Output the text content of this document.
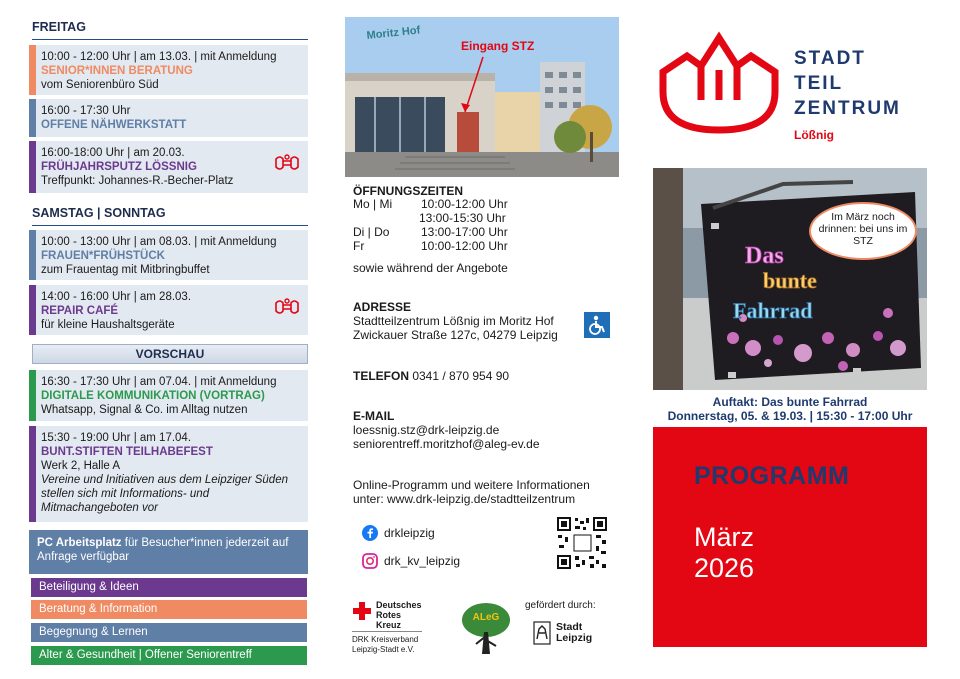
FREITAG
10:00 - 12:00 Uhr | am 13.03. | mit Anmeldung
SENIOR*INNEN BERATUNG
vom Seniorenbüro Süd
16:00 - 17:30 Uhr
OFFENE NÄHWERKSTATT
16:00-18:00 Uhr | am 20.03.
FRÜHJAHRSPUTZ LÖSSNIG
Treffpunkt: Johannes-R.-Becher-Platz
SAMSTAG | SONNTAG
10:00 - 13:00 Uhr | am 08.03. | mit Anmeldung
FRAUEN*FRÜHSTÜCK
zum Frauentag mit Mitbringbuffet
14:00 - 16:00 Uhr | am 28.03.
REPAIR CAFÉ
für kleine Haushaltsgeräte
VORSCHAU
16:30 - 17:30 Uhr | am 07.04. | mit Anmeldung
DIGITALE KOMMUNIKATION (VORTRAG)
Whatsapp, Signal & Co. im Alltag nutzen
15:30 - 19:00 Uhr | am 17.04.
BUNT.STIFTEN TEILHABEFEST
Werk 2, Halle A
Vereine und Initiativen aus dem Leipziger Süden stellen sich mit Informations- und Mitmachangeboten vor
PC Arbeitsplatz für Besucher*innen jederzeit auf Anfrage verfügbar
Beteiligung & Ideen
Beratung & Information
Begegnung & Lernen
Alter & Gesundheit | Offener Seniorentreff
Moritz Hof
Eingang STZ
ÖFFNUNGSZEITEN
Mo | Mi	10:00-12:00 Uhr
13:00-15:30 Uhr
Di | Do	13:00-17:00 Uhr
Fr	10:00-12:00 Uhr
sowie während der Angebote
ADRESSE
Stadtteilzentrum Lößnig im Moritz Hof
Zwickauer Straße 127c, 04279 Leipzig
TELEFON 0341 / 870 954 90
E-MAIL
loessnig.stz@drk-leipzig.de
seniorentreff.moritzhof@aleg-ev.de
Online-Programm und weitere Informationen
unter: www.drk-leipzig.de/stadtteilzentrum
drkleipzig
drk_kv_leipzig
Deutsches
Rotes
Kreuz
DRK Kreisverband
Leipzig-Stadt e.V.
ALeG
gefördert durch:
Stadt
Leipzig
STADT
TEIL
ZENTRUM
Lößnig
Das
bunte
Fahrrad
Im März noch drinnen: bei uns im STZ
Auftakt: Das bunte Fahrrad
Donnerstag, 05. & 19.03. | 15:30 - 17:00 Uhr
PROGRAMM
März
2026
